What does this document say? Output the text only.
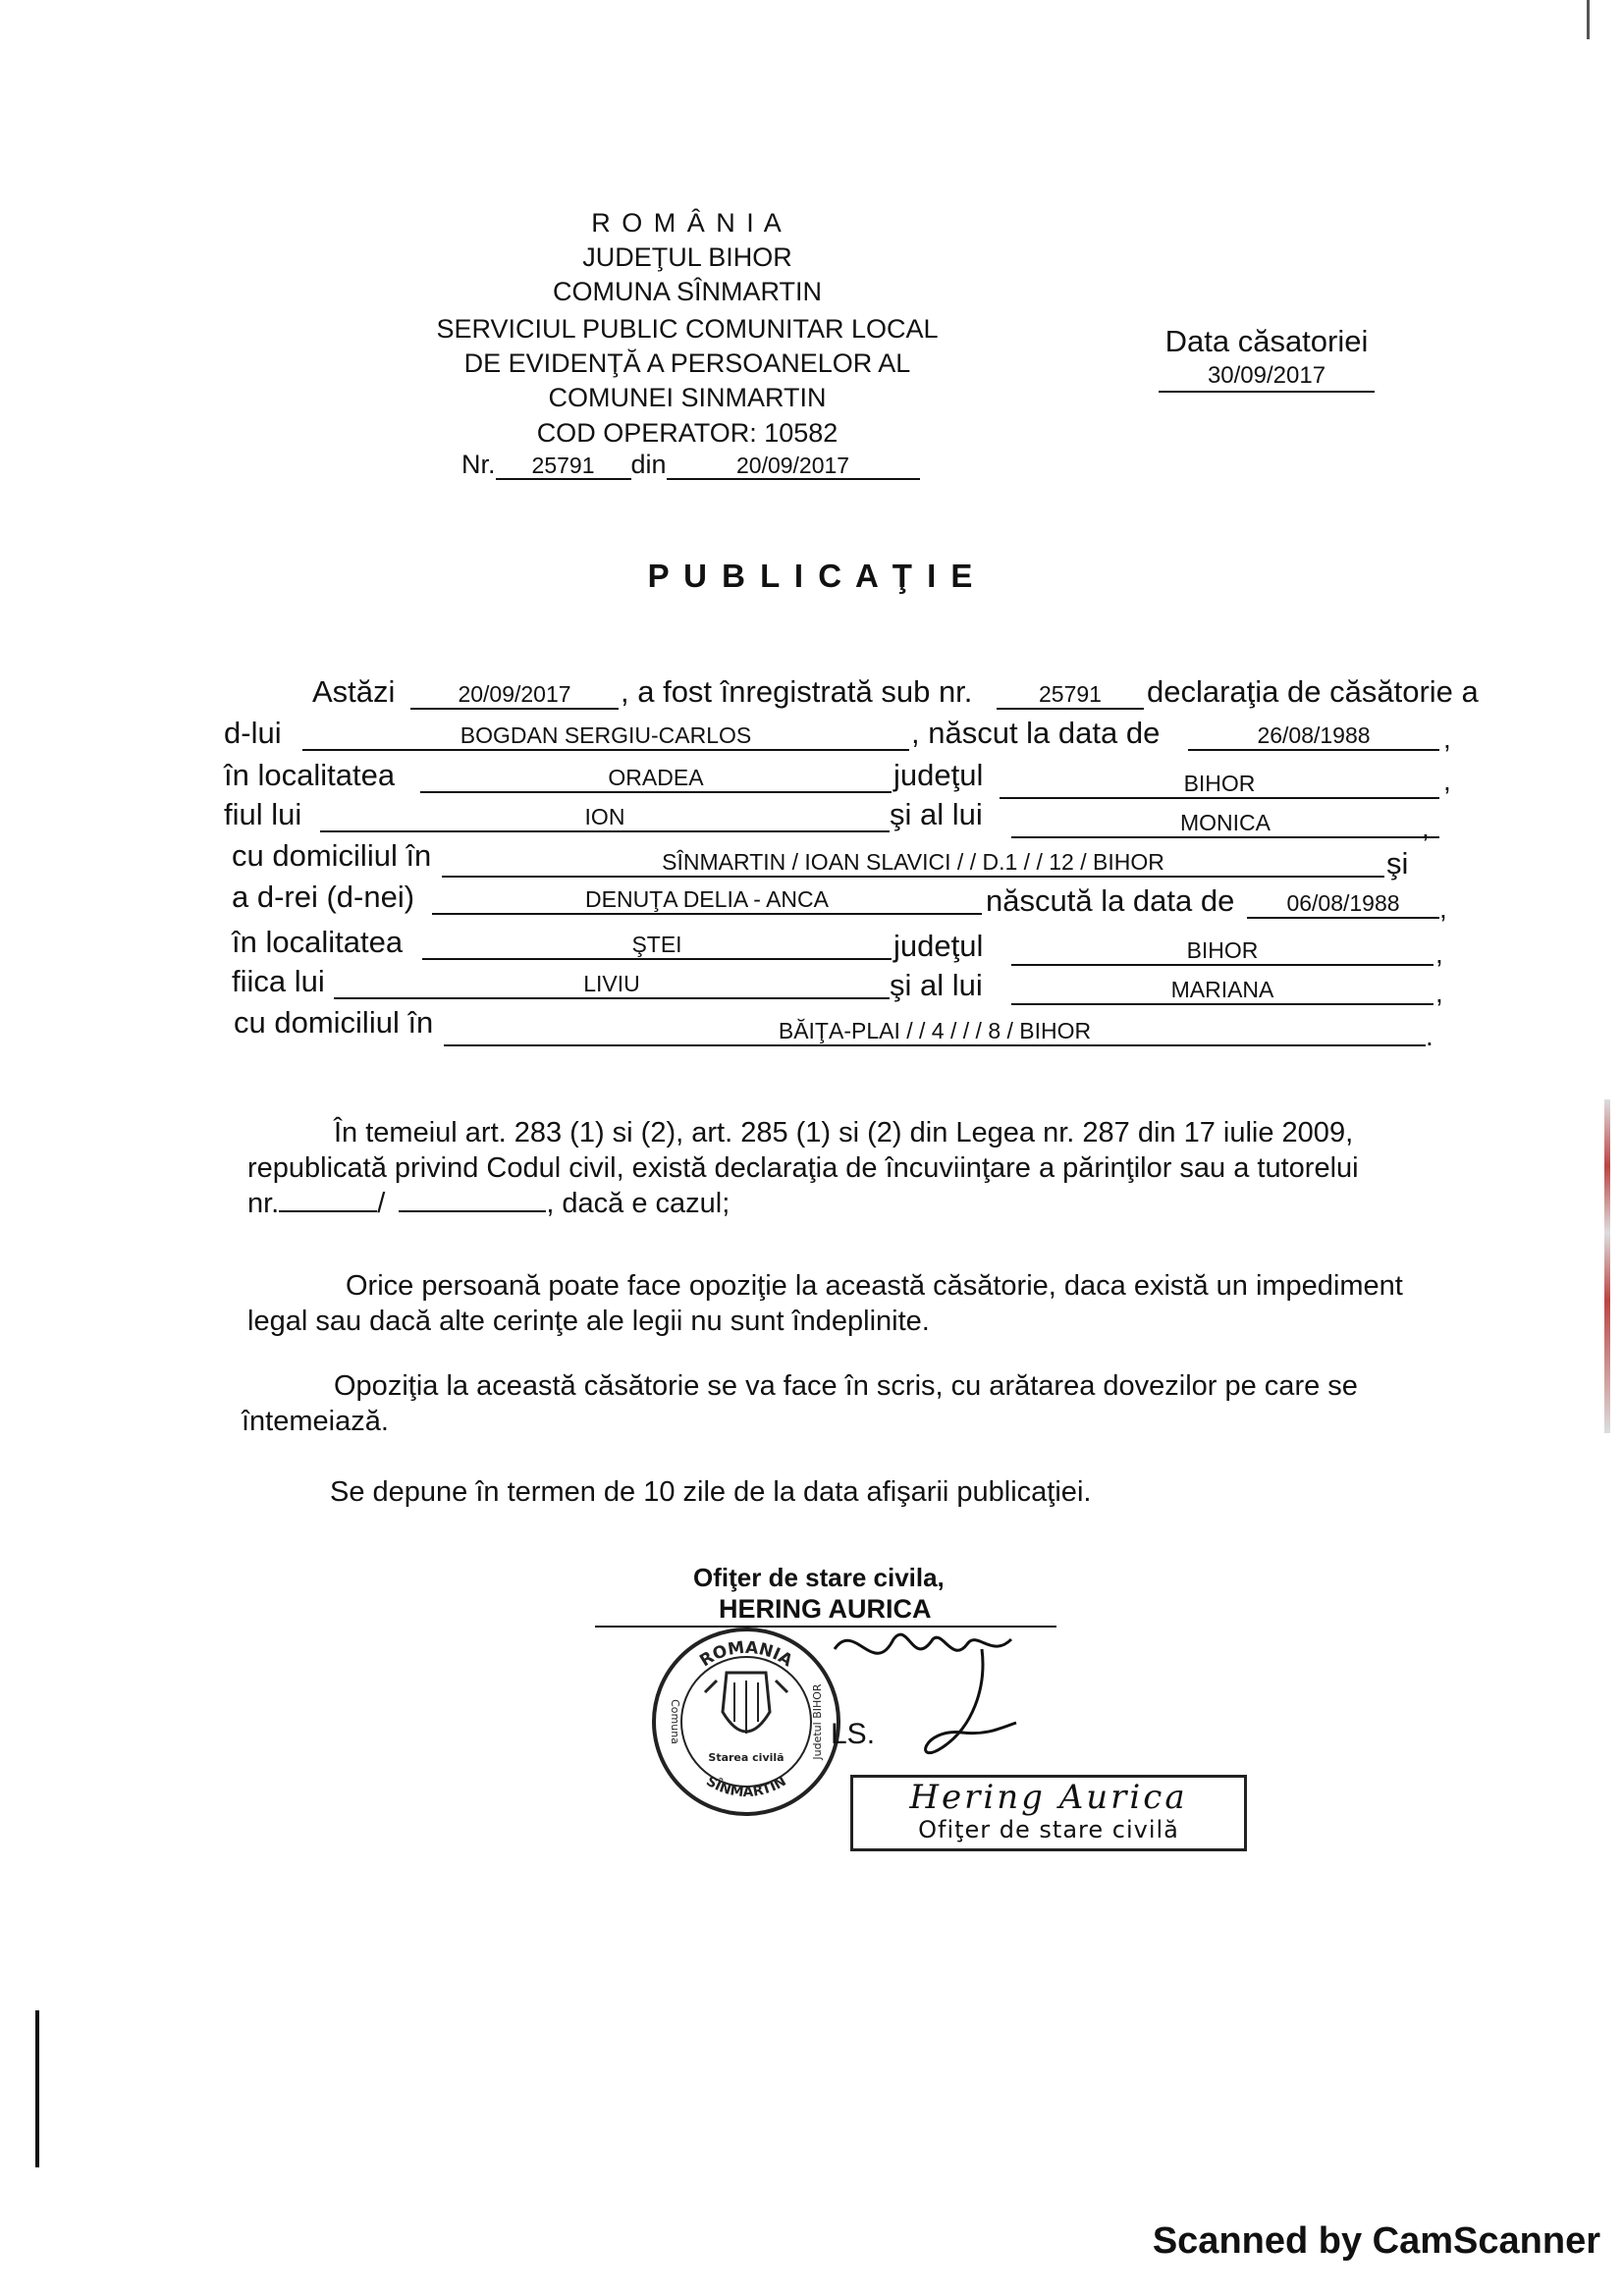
R O M Â N I A
JUDEŢUL BIHOR
COMUNA SÎNMARTIN
SERVICIUL PUBLIC COMUNITAR LOCAL
DE EVIDENŢĂ A PERSOANELOR AL
COMUNEI SINMARTIN
COD OPERATOR: 10582
Nr. 25791 din	20/09/2017
Data căsatoriei
30/09/2017
P U B L I C A Ţ I E
Astăzi	20/09/2017	, a fost înregistrată sub nr.	25791	declaraţia de căsătorie a
d-lui	BOGDAN SERGIU-CARLOS	, născut la data de	26/08/1988	,
în localitatea	ORADEA	judeţul	BIHOR	,
fiul lui	ION	şi al lui	MONICA	,
cu domiciliul în	SÎNMARTIN / IOAN SLAVICI / / D.1 / / 12 / BIHOR	şi
a d-rei (d-nei)	DENUŢA DELIA - ANCA	născută la data de	06/08/1988	,
în localitatea	ŞTEI	judeţul	BIHOR	,
fiica lui	LIVIU	şi al lui	MARIANA	,
cu domiciliul în	BĂIŢA-PLAI / / 4 / / / 8 / BIHOR	.
În temeiul art. 283 (1) si (2), art. 285 (1) si (2) din Legea nr. 287 din 17 iulie 2009,
republicată privind Codul civil, există declaraţia de încuviinţare a părinţilor sau a tutorelui
nr.	/	, dacă e cazul;
Orice persoană poate face opoziţie la această căsătorie, daca există un impediment
legal sau dacă alte cerinţe ale legii nu sunt îndeplinite.
Opoziţia la această căsătorie se va face în scris, cu arătarea dovezilor pe care se
întemeiază.
Se depune în termen de 10 zile de la data afişarii publicaţiei.
Ofiţer de stare civila,
HERING AURICA
ROMANIA
SÎNMARTIN
Comuna	Judetul BIHOR
Starea civilă
LS.
Hering Aurica
Ofiţer de stare civilă
Scanned by CamScanner
